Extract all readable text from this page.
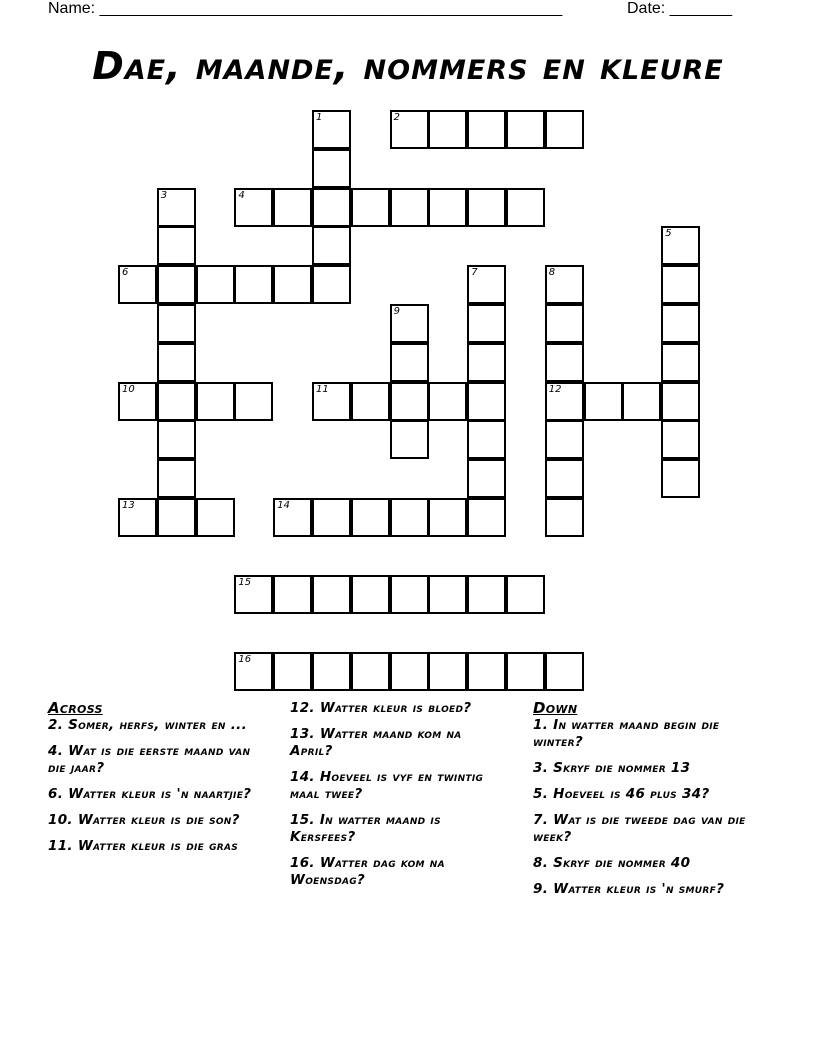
Name: ____________________________________________________	Date: _______
Dae, maande, nommers en kleure
1	2
3	4
5
6	7	8
12
9
10	11
13	14
15
16
Across
2. Somer, herfs, winter en ...
4. Wat is die eerste maand van die jaar?
6. Watter kleur is 'n naartjie?
10. Watter kleur is die son?
11. Watter kleur is die gras
12. Watter kleur is bloed?
13. Watter maand kom na April?
14. Hoeveel is vyf en twintig maal twee?
15. In watter maand is Kersfees?
16. Watter dag kom na Woensdag?
Down
1. In watter maand begin die winter?
3. Skryf die nommer 13
5. Hoeveel is 46 plus 34?
7. Wat is die tweede dag van die week?
8. Skryf die nommer 40
9. Watter kleur is 'n smurf?
